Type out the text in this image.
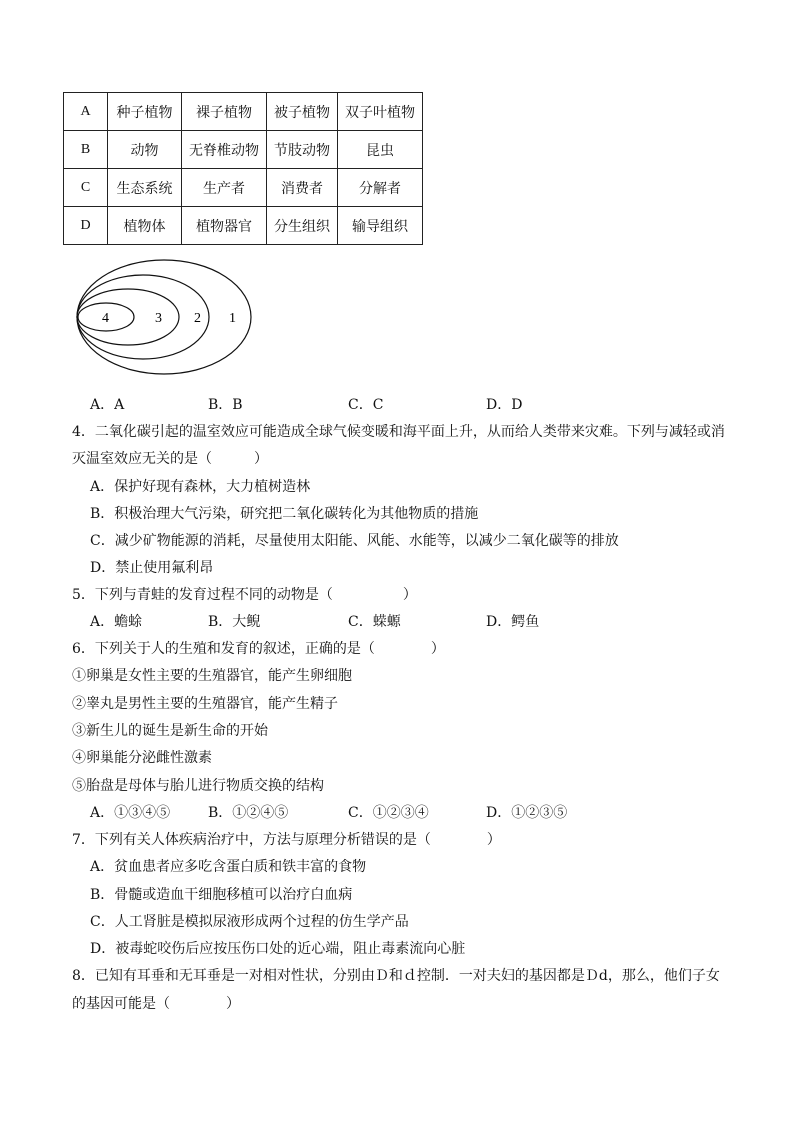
A	种子植物	裸子植物	被子植物	双子叶植物
B	动物	无脊椎动物	节肢动物	昆虫
C	生态系统	生产者	消费者	分解者
D	植物体	植物器官	分生组织	输导组织
4	3 2 1
A．A	B．B	C．C	D．D
4．二氧化碳引起的温室效应可能造成全球气候变暖和海平面上升，从而给人类带来灾难。下列与减轻或消
灭温室效应无关的是（　　　）
A．保护好现有森林，大力植树造林
B．积极治理大气污染，研究把二氧化碳转化为其他物质的措施
C．减少矿物能源的消耗，尽量使用太阳能、风能、水能等，以减少二氧化碳等的排放
D．禁止使用氟利昂
5．下列与青蛙的发育过程不同的动物是（　　　　　）
A．蟾蜍	B．大鲵	C．蝾螈	D．鳄鱼
6．下列关于人的生殖和发育的叙述，正确的是（　　　　）
①卵巢是女性主要的生殖器官，能产生卵细胞
②睾丸是男性主要的生殖器官，能产生精子
③新生儿的诞生是新生命的开始
④卵巢能分泌雌性激素
⑤胎盘是母体与胎儿进行物质交换的结构
A．①③④⑤	B．①②④⑤	C．①②③④	D．①②③⑤
7．下列有关人体疾病治疗中，方法与原理分析错误的是（　　　　）
A．贫血患者应多吃含蛋白质和铁丰富的食物
B．骨髓或造血干细胞移植可以治疗白血病
C．人工肾脏是模拟尿液形成两个过程的仿生学产品
D．被毒蛇咬伤后应按压伤口处的近心端，阻止毒素流向心脏
8．已知有耳垂和无耳垂是一对相对性状，分别由Ｄ和ｄ控制．一对夫妇的基因都是Ｄd，那么，他们子女
的基因可能是（　　　　）
